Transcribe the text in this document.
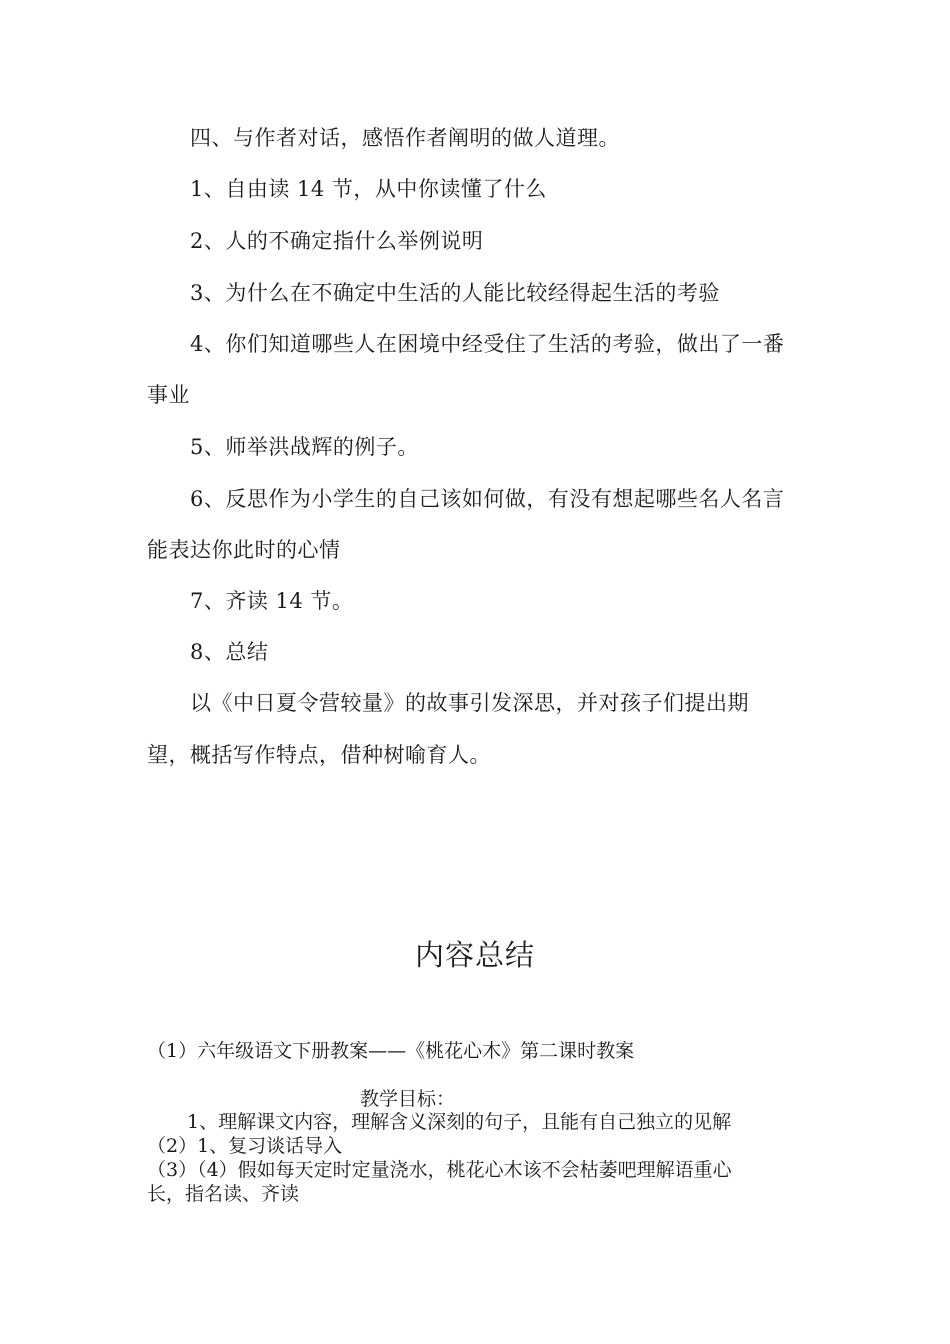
四、与作者对话，感悟作者阐明的做人道理。
1、自由读 14 节，从中你读懂了什么
2、人的不确定指什么举例说明
3、为什么在不确定中生活的人能比较经得起生活的考验
4、你们知道哪些人在困境中经受住了生活的考验，做出了一番
事业
5、师举洪战辉的例子。
6、反思作为小学生的自己该如何做，有没有想起哪些名人名言
能表达你此时的心情
7、齐读 14 节。
8、总结
以《中日夏令营较量》的故事引发深思，并对孩子们提出期
望，概括写作特点，借种树喻育人。
内容总结
（1）六年级语文下册教案——《桃花心木》第二课时教案
教学目标：
1、理解课文内容，理解含义深刻的句子，且能有自己独立的见解
（2）1、复习谈话导入
（3）（4）假如每天定时定量浇水，桃花心木该不会枯萎吧理解语重心
长，指名读、齐读
